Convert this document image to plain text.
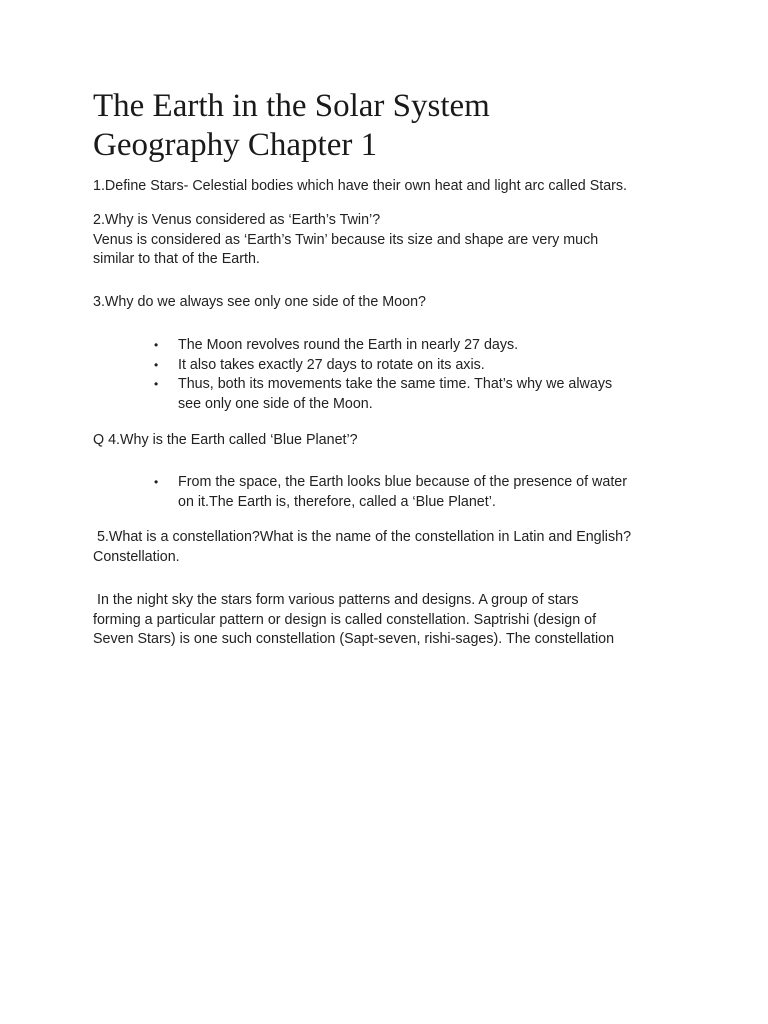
The Earth in the Solar System
Geography Chapter 1

1.Define Stars- Celestial bodies which have their own heat and light arc called Stars.

2.Why is Venus considered as ‘Earth’s Twin’?
Venus is considered as ‘Earth’s Twin’ because its size and shape are very much
similar to that of the Earth.

3.Why do we always see only one side of the Moon?

• The Moon revolves round the Earth in nearly 27 days.
• It also takes exactly 27 days to rotate on its axis.
• Thus, both its movements take the same time. That’s why we always
see only one side of the Moon.

Q 4.Why is the Earth called ‘Blue Planet’?

• From the space, the Earth looks blue because of the presence of water
on it.The Earth is, therefore, called a ‘Blue Planet’.

5.What is a constellation?What is the name of the constellation in Latin and English?
Constellation.

In the night sky the stars form various patterns and designs. A group of stars
forming a particular pattern or design is called constellation. Saptrishi (design of
Seven Stars) is one such constellation (Sapt-seven, rishi-sages). The constellation
